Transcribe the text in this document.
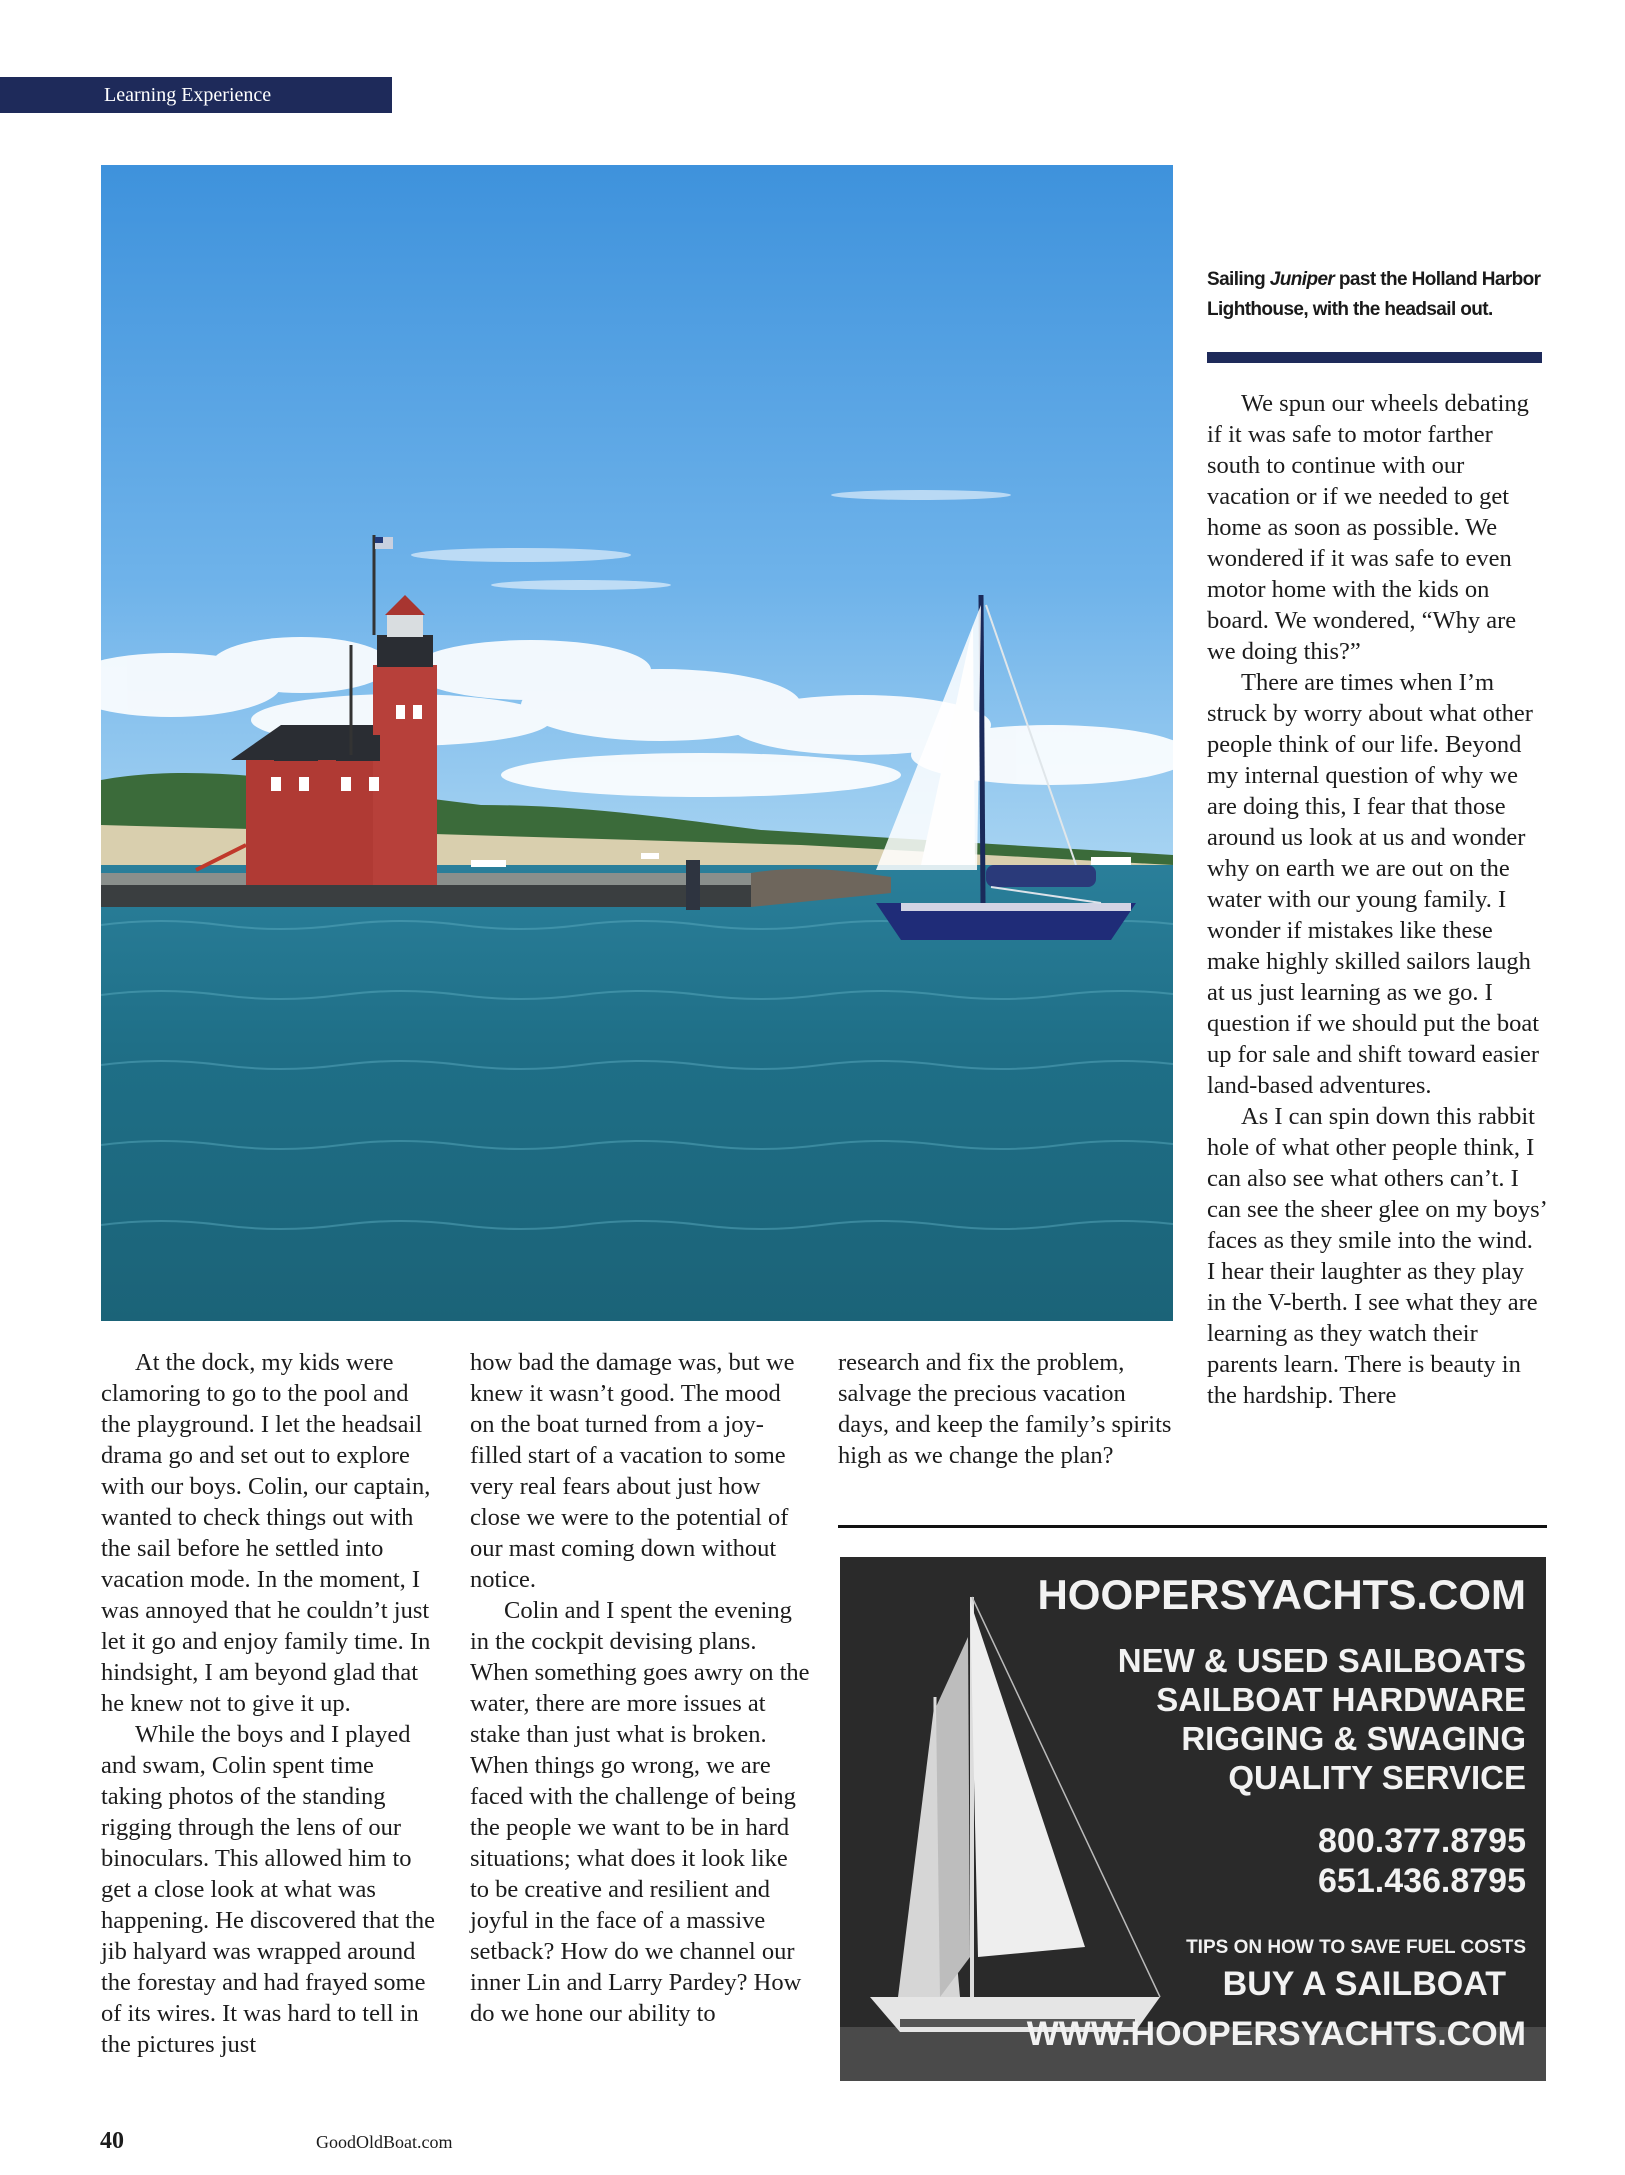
Learning Experience
Sailing Juniper past the Holland Harbor Lighthouse, with the headsail out.

We spun our wheels debating if it was safe to motor farther south to continue with our vacation or if we needed to get home as soon as possible. We wondered if it was safe to even motor home with the kids on board. We wondered, “Why are we doing this?”

There are times when I’m struck by worry about what other people think of our life. Beyond my internal question of why we are doing this, I fear that those around us look at us and wonder why on earth we are out on the water with our young family. I wonder if mistakes like these make highly skilled sailors laugh at us just learning as we go. I question if we should put the boat up for sale and shift toward easier land-based adventures.

As I can spin down this rabbit hole of what other people think, I can also see what others can’t. I can see the sheer glee on my boys’ faces as they smile into the wind. I hear their laughter as they play in the V-berth. I see what they are learning as they watch their parents learn. There is beauty in the hardship. There

At the dock, my kids were clamoring to go to the pool and the playground. I let the headsail drama go and set out to explore with our boys. Colin, our captain, wanted to check things out with the sail before he settled into vacation mode. In the moment, I was annoyed that he couldn’t just let it go and enjoy family time. In hindsight, I am beyond glad that he knew not to give it up.

While the boys and I played and swam, Colin spent time taking photos of the standing rigging through the lens of our binoculars. This allowed him to get a close look at what was happening. He discovered that the jib halyard was wrapped around the forestay and had frayed some of its wires. It was hard to tell in the pictures just

how bad the damage was, but we knew it wasn’t good. The mood on the boat turned from a joy-filled start of a vacation to some very real fears about just how close we were to the potential of our mast coming down without notice.

Colin and I spent the evening in the cockpit devising plans. When something goes awry on the water, there are more issues at stake than just what is broken. When things go wrong, we are faced with the challenge of being the people we want to be in hard situations; what does it look like to be creative and resilient and joyful in the face of a massive setback? How do we channel our inner Lin and Larry Pardey? How do we hone our ability to

research and fix the problem, salvage the precious vacation days, and keep the family’s spirits high as we change the plan?

HOOPERSYACHTS.COM
NEW & USED SAILBOATS
SAILBOAT HARDWARE
RIGGING & SWAGING
QUALITY SERVICE
800.377.8795
651.436.8795
TIPS ON HOW TO SAVE FUEL COSTS
BUY A SAILBOAT
WWW.HOOPERSYACHTS.COM
40	GoodOldBoat.com
